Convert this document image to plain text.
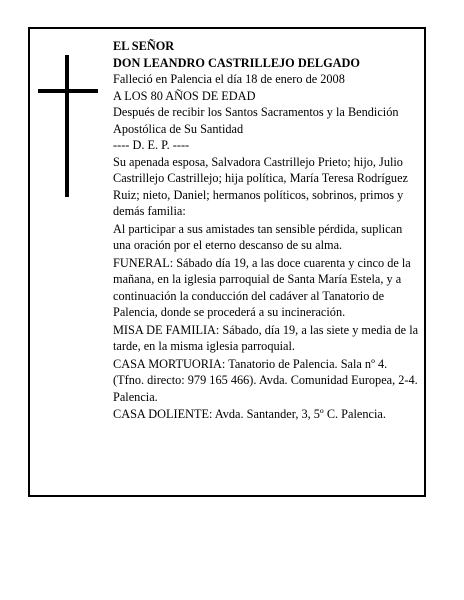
EL SEÑOR

DON LEANDRO CASTRILLEJO DELGADO

Falleció en Palencia el día 18 de enero de 2008

A LOS 80 AÑOS DE EDAD

Después de recibir los Santos Sacramentos y la Bendición Apostólica de Su Santidad

---- D. E. P. ----

Su apenada esposa, Salvadora Castrillejo Prieto; hijo, Julio Castrillejo Castrillejo; hija política, María Teresa Rodríguez Ruiz; nieto, Daniel; hermanos políticos, sobrinos, primos y demás familia:

Al participar a sus amistades tan sensible pérdida, suplican una oración por el eterno descanso de su alma.

FUNERAL: Sábado día 19, a las doce cuarenta y cinco de la mañana, en la iglesia parroquial de Santa María Estela, y a continuación la conducción del cadáver al Tanatorio de Palencia, donde se procederá a su incineración.

MISA DE FAMILIA: Sábado, día 19, a las siete y media de la tarde, en la misma iglesia parroquial.

CASA MORTUORIA: Tanatorio de Palencia. Sala nº 4. (Tfno. directo: 979 165 466). Avda. Comunidad Europea, 2-4. Palencia.

CASA DOLIENTE: Avda. Santander, 3, 5º C. Palencia.
